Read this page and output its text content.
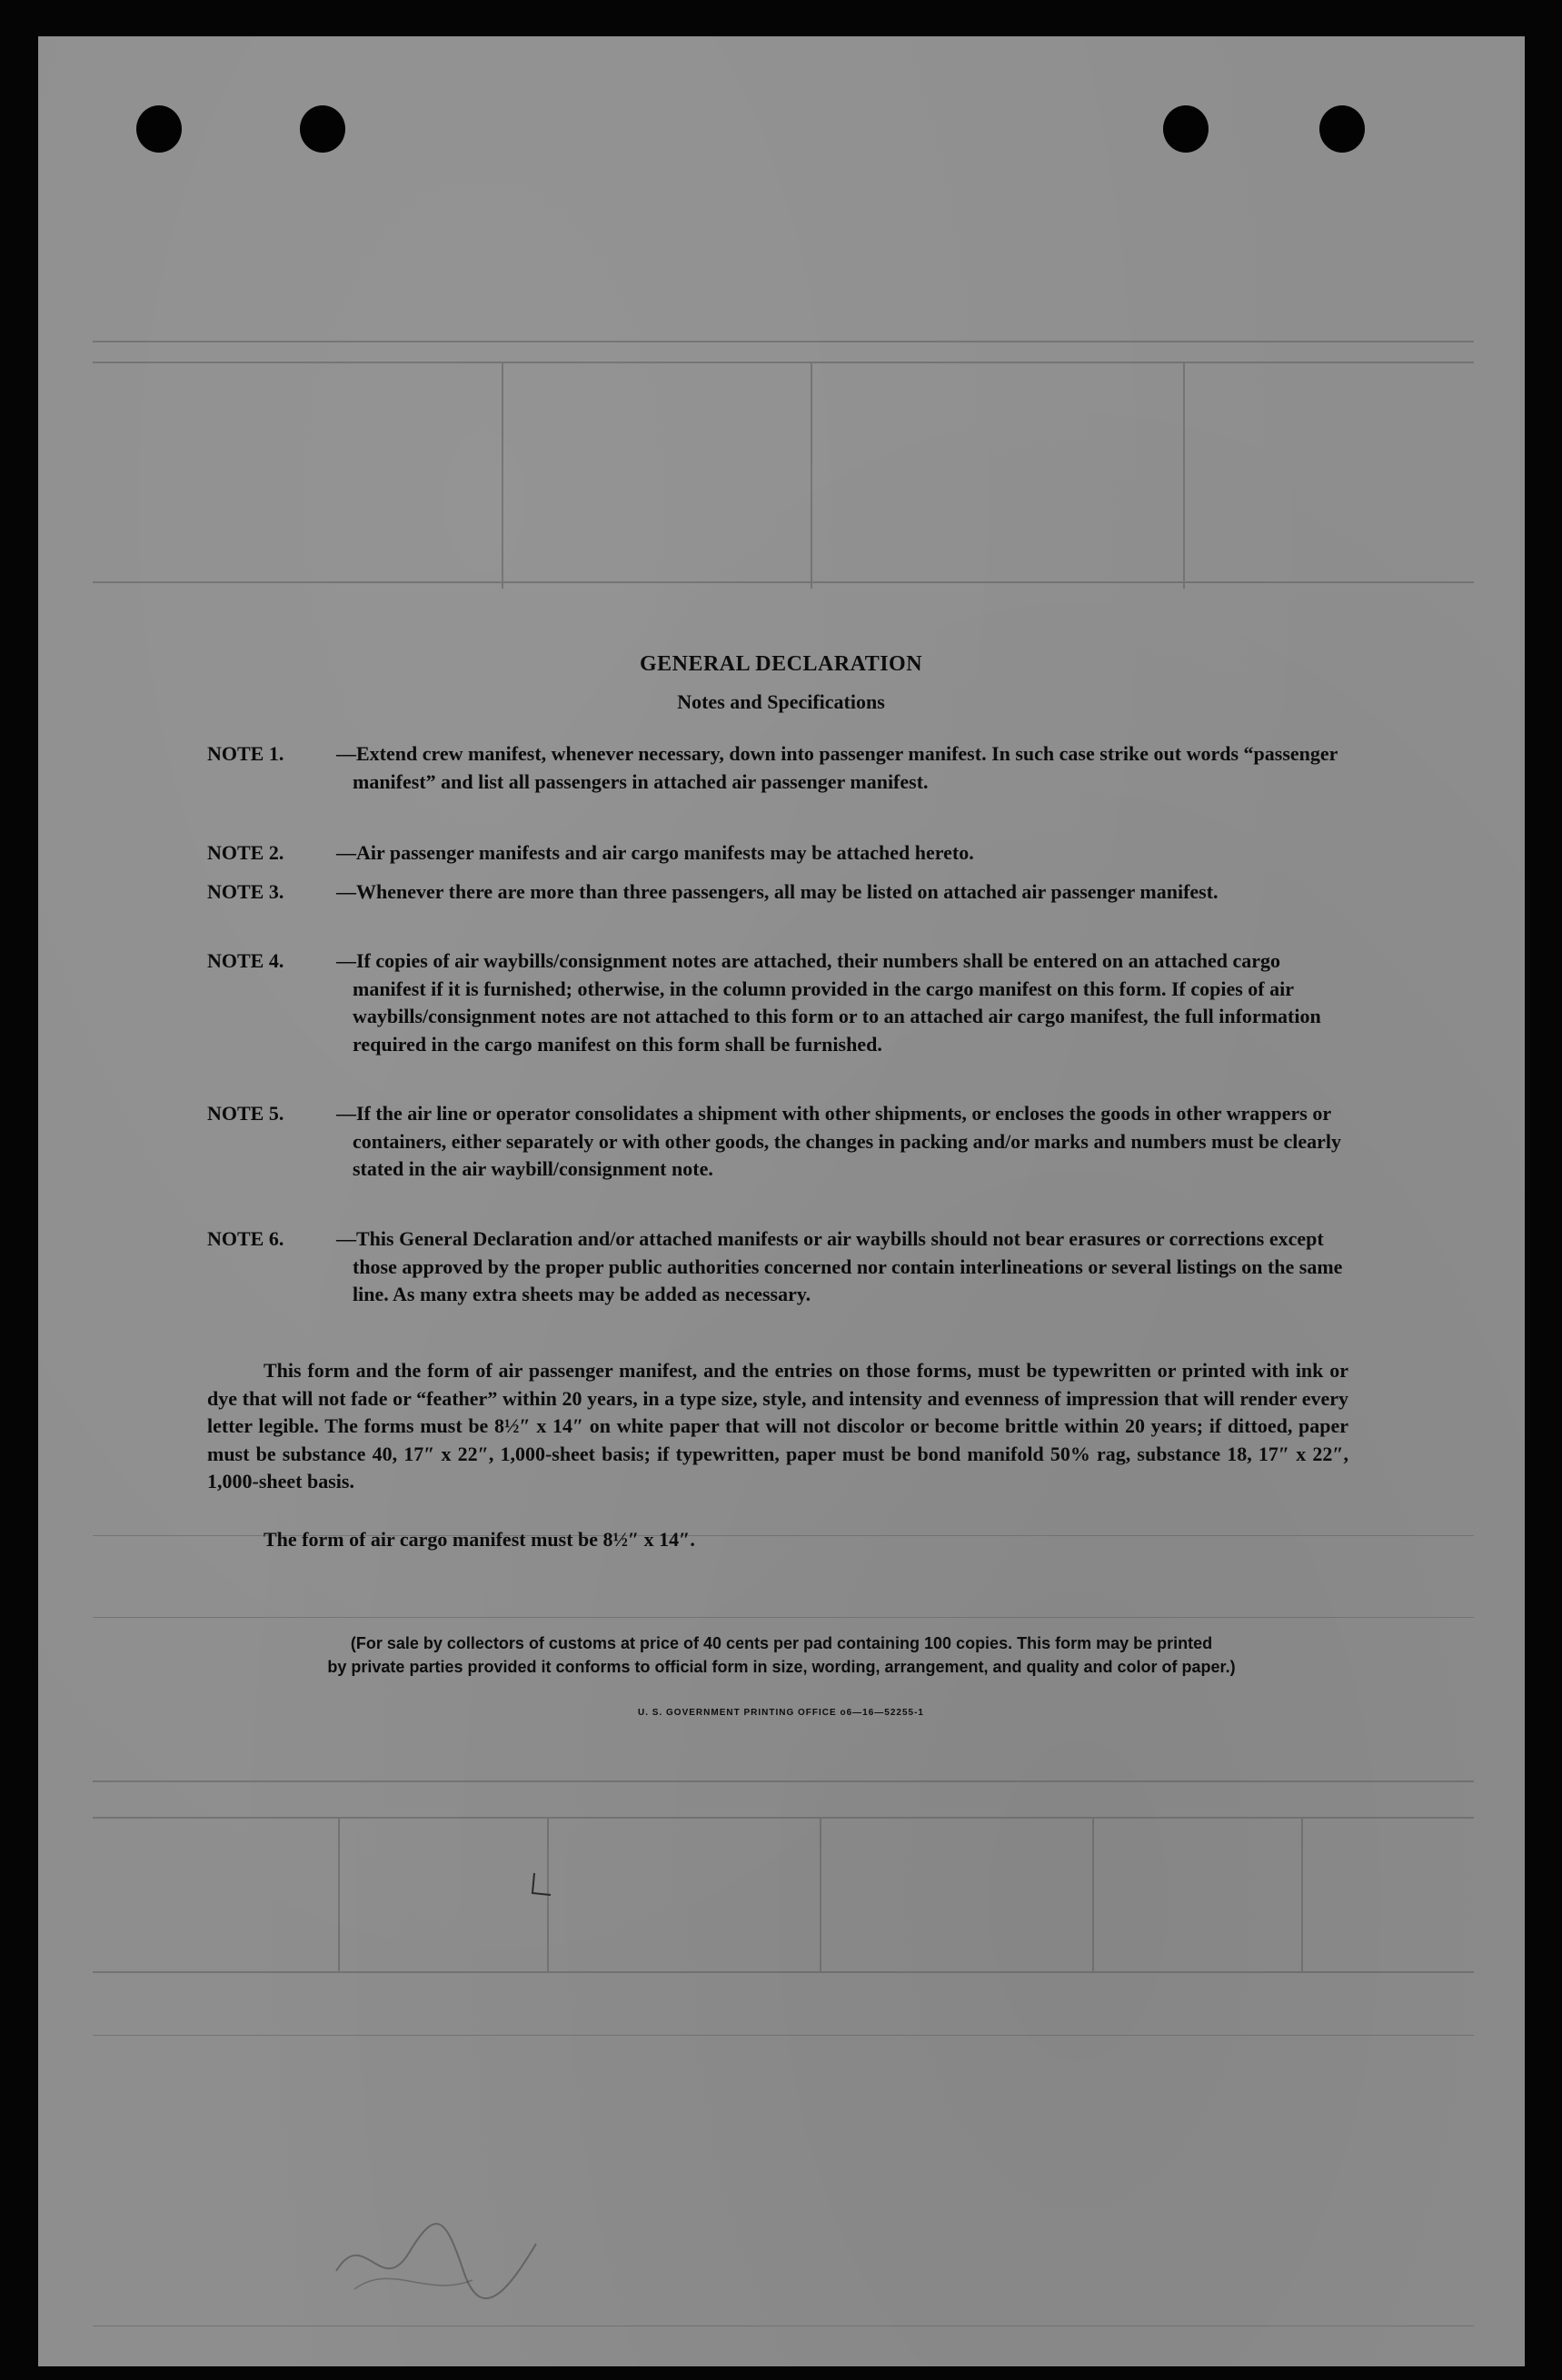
GENERAL DECLARATION
Notes and Specifications
NOTE 1.	—Extend crew manifest, whenever necessary, down into passenger manifest. In such case strike out words “passenger manifest” and list all passengers in attached air passenger manifest.
NOTE 2.	—Air passenger manifests and air cargo manifests may be attached hereto.
NOTE 3.	—Whenever there are more than three passengers, all may be listed on attached air passenger manifest.
NOTE 4.	—If copies of air waybills/consignment notes are attached, their numbers shall be entered on an attached cargo manifest if it is furnished; otherwise, in the column provided in the cargo manifest on this form. If copies of air waybills/consignment notes are not attached to this form or to an attached air cargo manifest, the full information required in the cargo manifest on this form shall be furnished.
NOTE 5.	—If the air line or operator consolidates a shipment with other shipments, or encloses the goods in other wrappers or containers, either separately or with other goods, the changes in packing and/or marks and numbers must be clearly stated in the air waybill/consignment note.
NOTE 6.	—This General Declaration and/or attached manifests or air waybills should not bear erasures or corrections except those approved by the proper public authorities concerned nor contain interlineations or several listings on the same line. As many extra sheets may be added as necessary.
This form and the form of air passenger manifest, and the entries on those forms, must be typewritten or printed with ink or dye that will not fade or “feather” within 20 years, in a type size, style, and intensity and evenness of impression that will render every letter legible. The forms must be 8½″ x 14″ on white paper that will not discolor or become brittle within 20 years; if dittoed, paper must be substance 40, 17″ x 22″, 1,000-sheet basis; if typewritten, paper must be bond manifold 50% rag, substance 18, 17″ x 22″, 1,000-sheet basis.
The form of air cargo manifest must be 8½″ x 14″.
(For sale by collectors of customs at price of 40 cents per pad containing 100 copies. This form may be printed
by private parties provided it conforms to official form in size, wording, arrangement, and quality and color of paper.)
U. S. GOVERNMENT PRINTING OFFICE o6—16—52255-1
